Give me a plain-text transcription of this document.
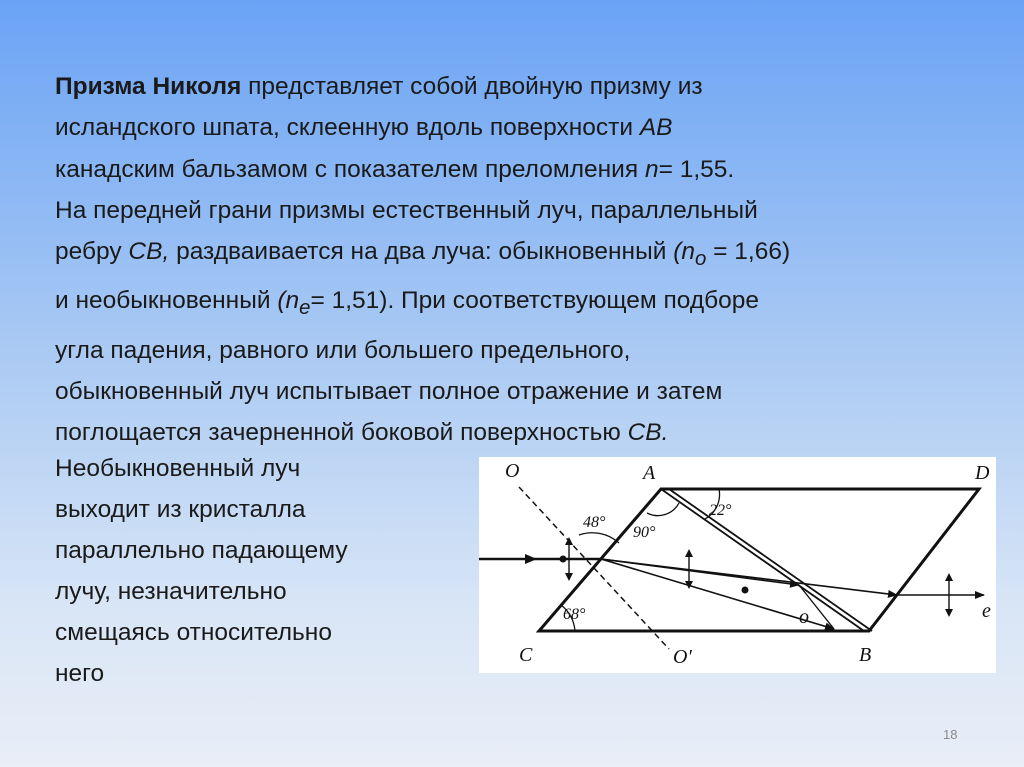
Призма Николя представляет собой двойную призму из
исландского шпата, склеенную вдоль поверхности АВ
канадским бальзамом с показателем преломления n= 1,55.
На передней грани призмы естественный луч, параллельный
ребру СВ, раздваивается на два луча: обыкновенный $(n_o = 1,66)$
и необыкновенный $(n_e= 1,51)$. При соответствующем подборе
угла падения, равного или большего предельного,
обыкновенный луч испытывает полное отражение и затем
поглощается зачерненной боковой поверхностью СВ.

Необыкновенный луч
выходит из кристалла
параллельно падающему
лучу, незначительно
смещаясь относительно
него

O	A	D
C	O′	B
o	e
48°
90°
22°
68°
18
